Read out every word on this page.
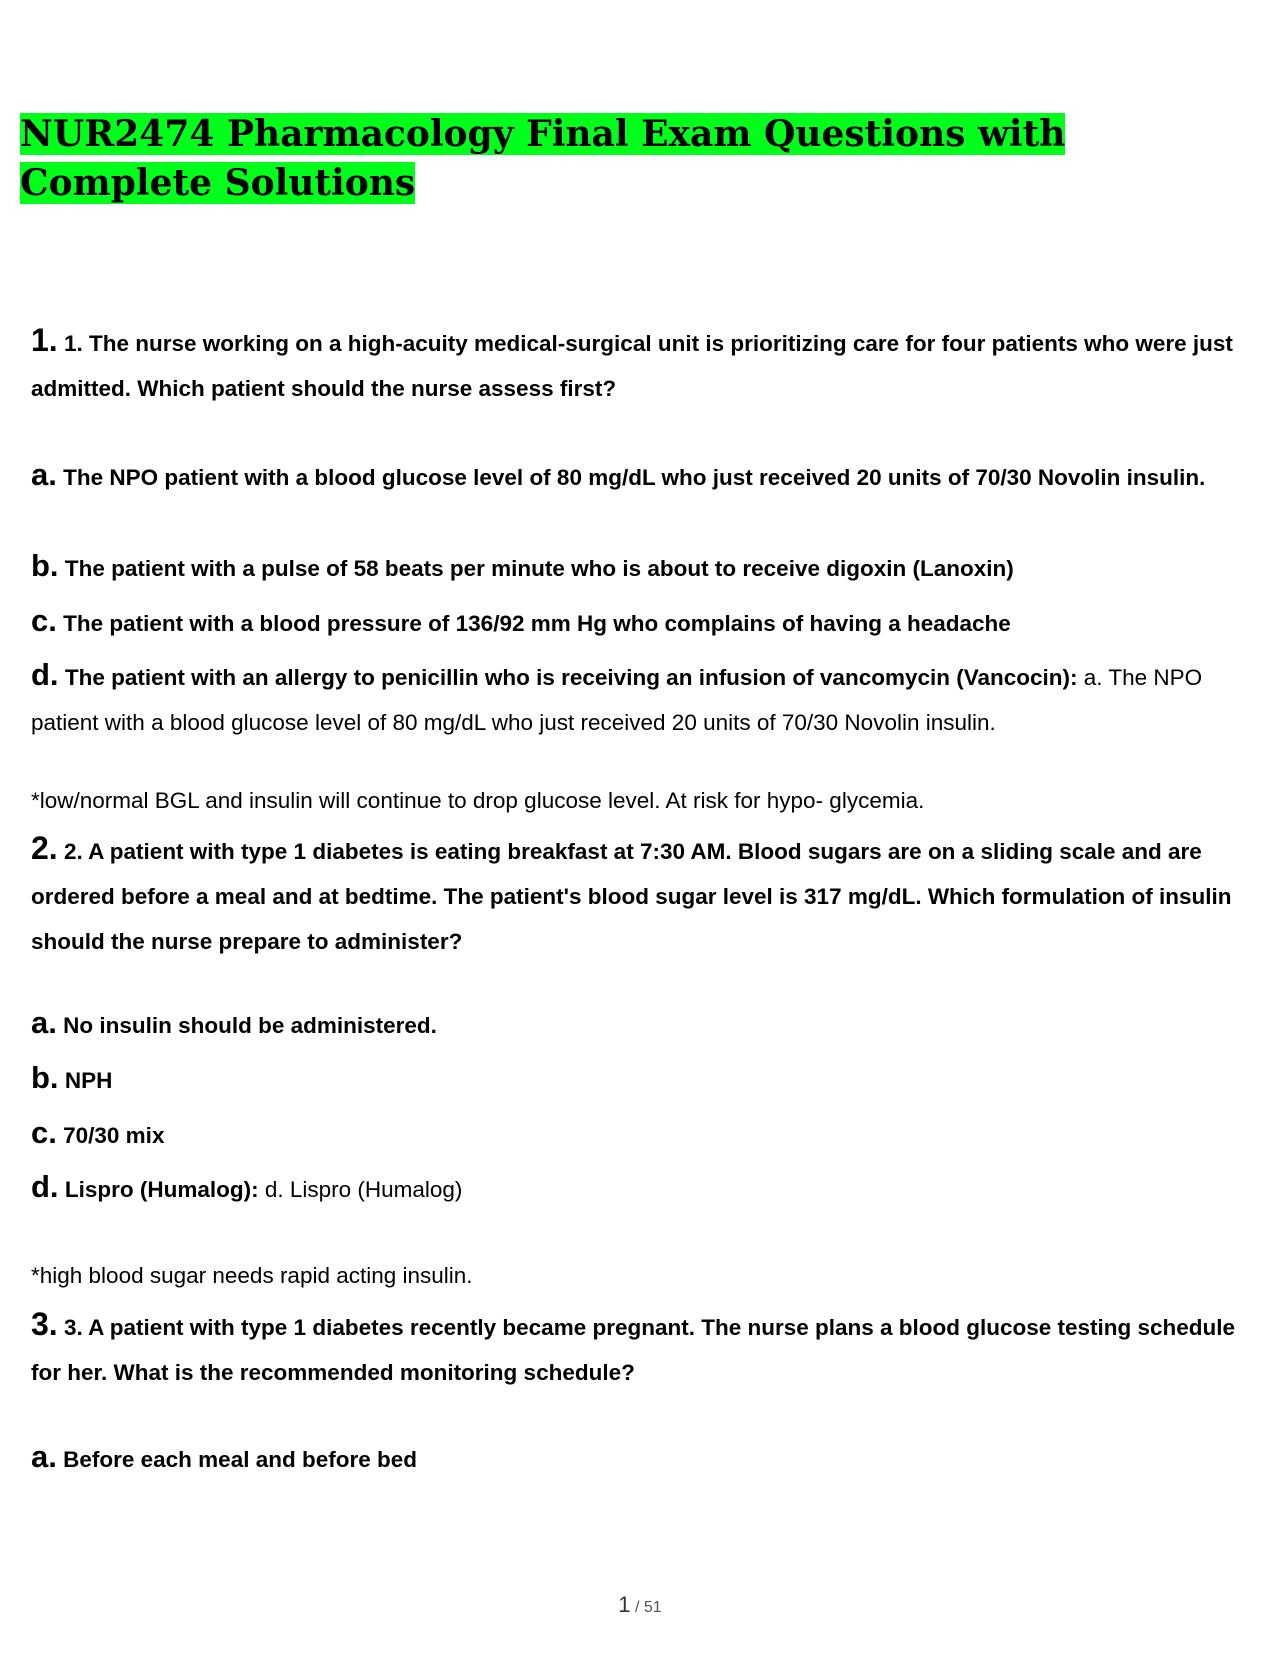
NUR2474 Pharmacology Final Exam Questions with Complete Solutions
1. 1. The nurse working on a high-acuity medical-surgical unit is prioritizing care for four patients who were just admitted. Which patient should the nurse assess first?
a. The NPO patient with a blood glucose level of 80 mg/dL who just received 20 units of 70/30 Novolin insulin.
b. The patient with a pulse of 58 beats per minute who is about to receive digoxin (Lanoxin)
c. The patient with a blood pressure of 136/92 mm Hg who complains of having a headache
d. The patient with an allergy to penicillin who is receiving an infusion of vancomycin (Vancocin): a. The NPO patient with a blood glucose level of 80 mg/dL who just received 20 units of 70/30 Novolin insulin.
*low/normal BGL and insulin will continue to drop glucose level. At risk for hypo- glycemia.
2. 2. A patient with type 1 diabetes is eating breakfast at 7:30 AM. Blood sugars are on a sliding scale and are ordered before a meal and at bedtime. The patient's blood sugar level is 317 mg/dL. Which formulation of insulin should the nurse prepare to administer?
a. No insulin should be administered.
b. NPH
c. 70/30 mix
d. Lispro (Humalog): d. Lispro (Humalog)
*high blood sugar needs rapid acting insulin.
3. 3. A patient with type 1 diabetes recently became pregnant. The nurse plans a blood glucose testing schedule for her. What is the recommended monitoring schedule?
a. Before each meal and before bed
1 / 51
